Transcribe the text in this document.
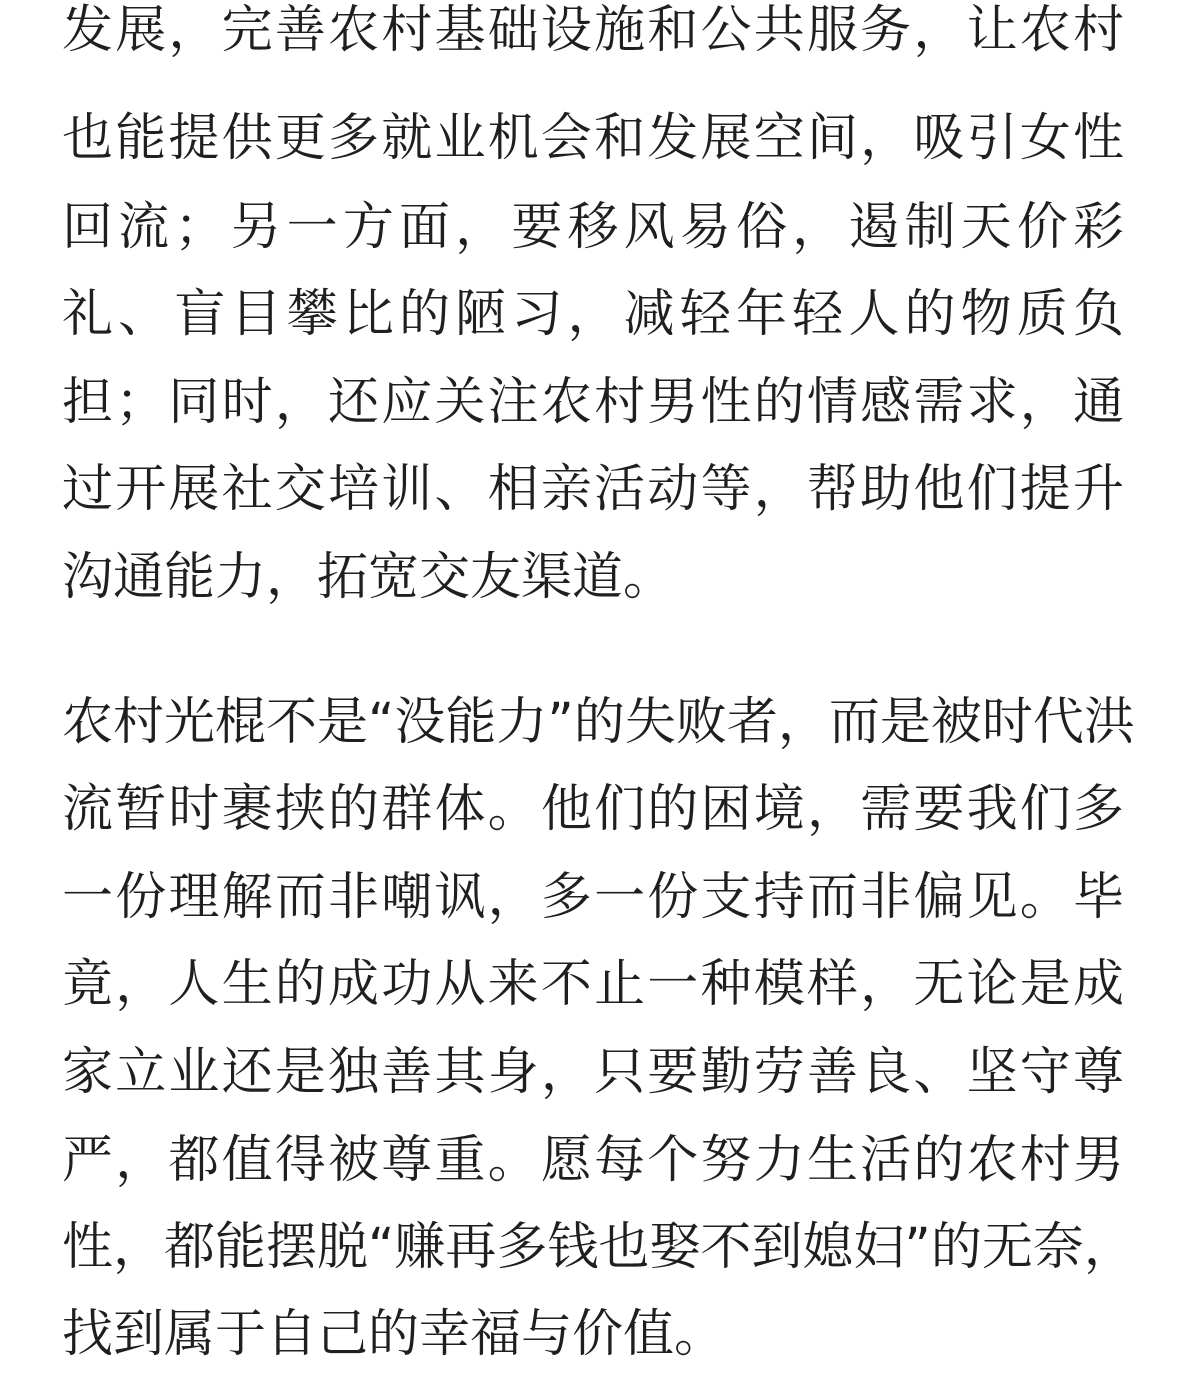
发展，完善农村基础设施和公共服务，让农村
也能提供更多就业机会和发展空间，吸引女性
回流；另一方面，要移风易俗，遏制天价彩
礼、盲目攀比的陋习，减轻年轻人的物质负
担；同时，还应关注农村男性的情感需求，通
过开展社交培训、相亲活动等，帮助他们提升
沟通能力，拓宽交友渠道。
农村光棍不是“没能力”的失败者，而是被时代洪
流暂时裹挟的群体。他们的困境，需要我们多
一份理解而非嘲讽，多一份支持而非偏见。毕
竟，人生的成功从来不止一种模样，无论是成
家立业还是独善其身，只要勤劳善良、坚守尊
严，都值得被尊重。愿每个努力生活的农村男
性，都能摆脱“赚再多钱也娶不到媳妇”的无奈，
找到属于自己的幸福与价值。
